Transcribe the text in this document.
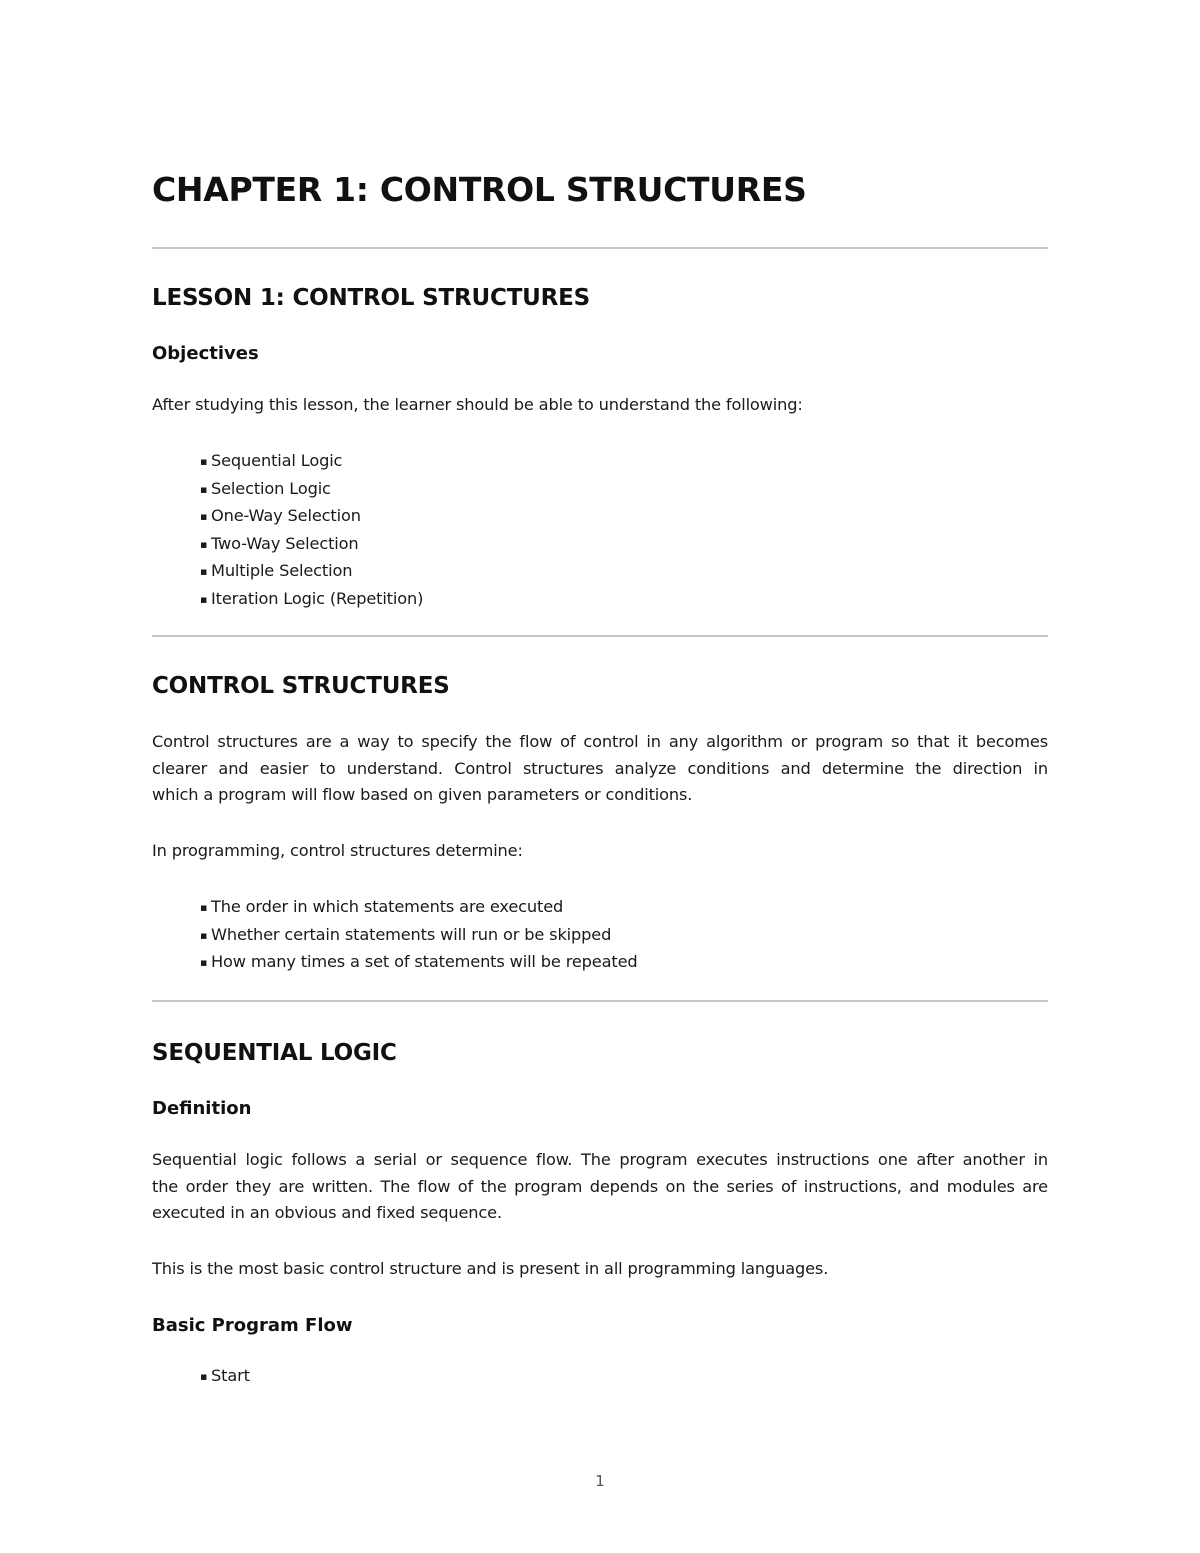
CHAPTER 1: CONTROL STRUCTURES
LESSON 1: CONTROL STRUCTURES
Objectives

After studying this lesson, the learner should be able to understand the following:

▪ Sequential Logic
▪ Selection Logic
▪ One-Way Selection
▪ Two-Way Selection
▪ Multiple Selection
▪ Iteration Logic (Repetition)
CONTROL STRUCTURES

Control structures are a way to specify the flow of control in any algorithm or program so that it becomes
clearer and easier to understand. Control structures analyze conditions and determine the direction in
which a program will flow based on given parameters or conditions.

In programming, control structures determine:

▪ The order in which statements are executed
▪ Whether certain statements will run or be skipped
▪ How many times a set of statements will be repeated
SEQUENTIAL LOGIC
Definition

Sequential logic follows a serial or sequence flow. The program executes instructions one after another in
the order they are written. The flow of the program depends on the series of instructions, and modules are
executed in an obvious and fixed sequence.

This is the most basic control structure and is present in all programming languages.

Basic Program Flow
▪ Start
1
